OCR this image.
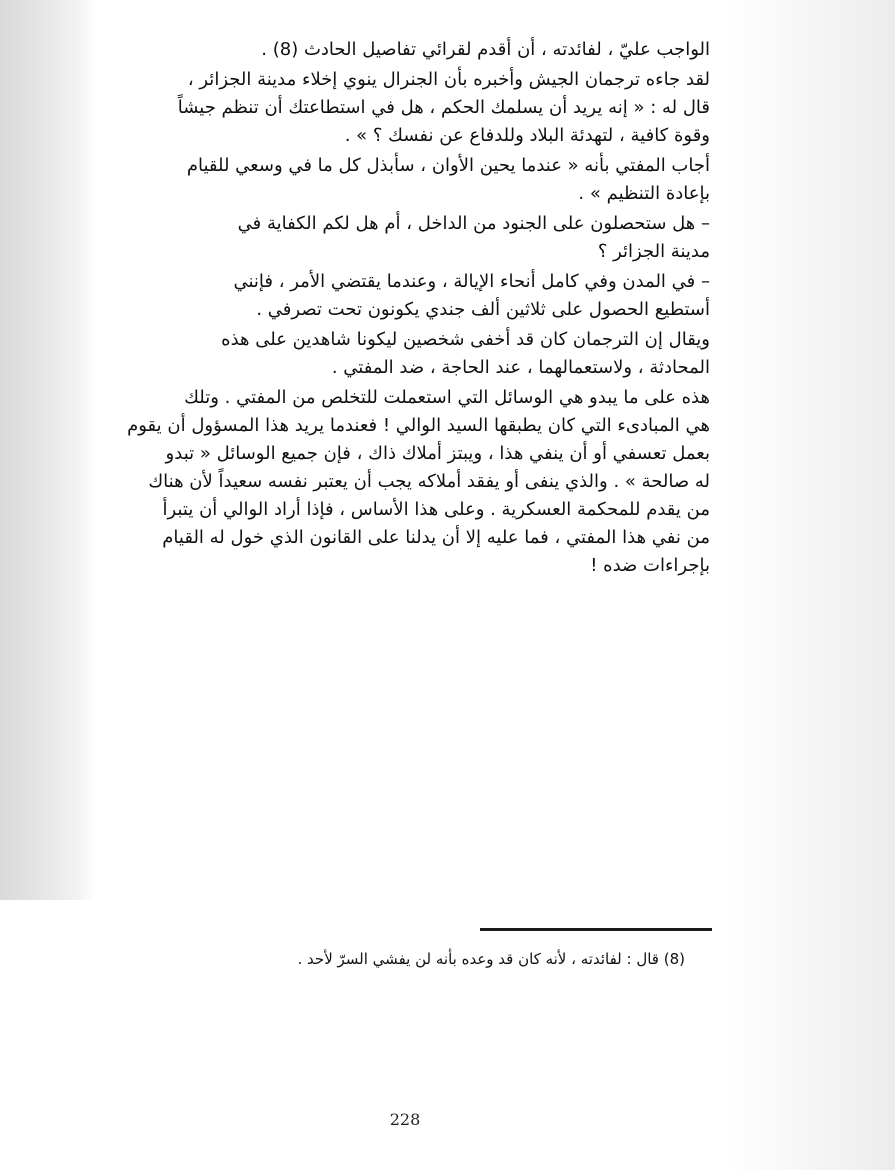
الواجب عليّ ، لفائدته ، أن أقدم لقرائي تفاصيل الحادث (8) .
لقد جاءه ترجمان الجيش وأخبره بأن الجنرال ينوي إخلاء مدينة الجزائر ،
قال له : « إنه يريد أن يسلمك الحكم ، هل في استطاعتك أن تنظم جيشاً
وقوة كافية ، لتهدئة البلاد وللدفاع عن نفسك ؟ » .
أجاب المفتي بأنه « عندما يحين الأوان ، سأبذل كل ما في وسعي للقيام
بإعادة التنظيم » .
– هل ستحصلون على الجنود من الداخل ، أم هل لكم الكفاية في
مدينة الجزائر ؟
– في المدن وفي كامل أنحاء الإيالة ، وعندما يقتضي الأمر ، فإنني
أستطيع الحصول على ثلاثين ألف جندي يكونون تحت تصرفي .
ويقال إن الترجمان كان قد أخفى شخصين ليكونا شاهدين على هذه
المحادثة ، ولاستعمالهما ، عند الحاجة ، ضد المفتي .
هذه على ما يبدو هي الوسائل التي استعملت للتخلص من المفتي . وتلك
هي المبادىء التي كان يطبقها السيد الوالي ! فعندما يريد هذا المسؤول أن يقوم
بعمل تعسفي أو أن ينفي هذا ، ويبتز أملاك ذاك ، فإن جميع الوسائل « تبدو
له صالحة » . والذي ينفى أو يفقد أملاكه يجب أن يعتبر نفسه سعيداً لأن هناك
من يقدم للمحكمة العسكرية . وعلى هذا الأساس ، فإذا أراد الوالي أن يتبرأ
من نفي هذا المفتي ، فما عليه إلا أن يدلنا على القانون الذي خول له القيام
بإجراءات ضده !
(8) قال : لفائدته ، لأنه كان قد وعده بأنه لن يفشي السرّ لأحد .
228
